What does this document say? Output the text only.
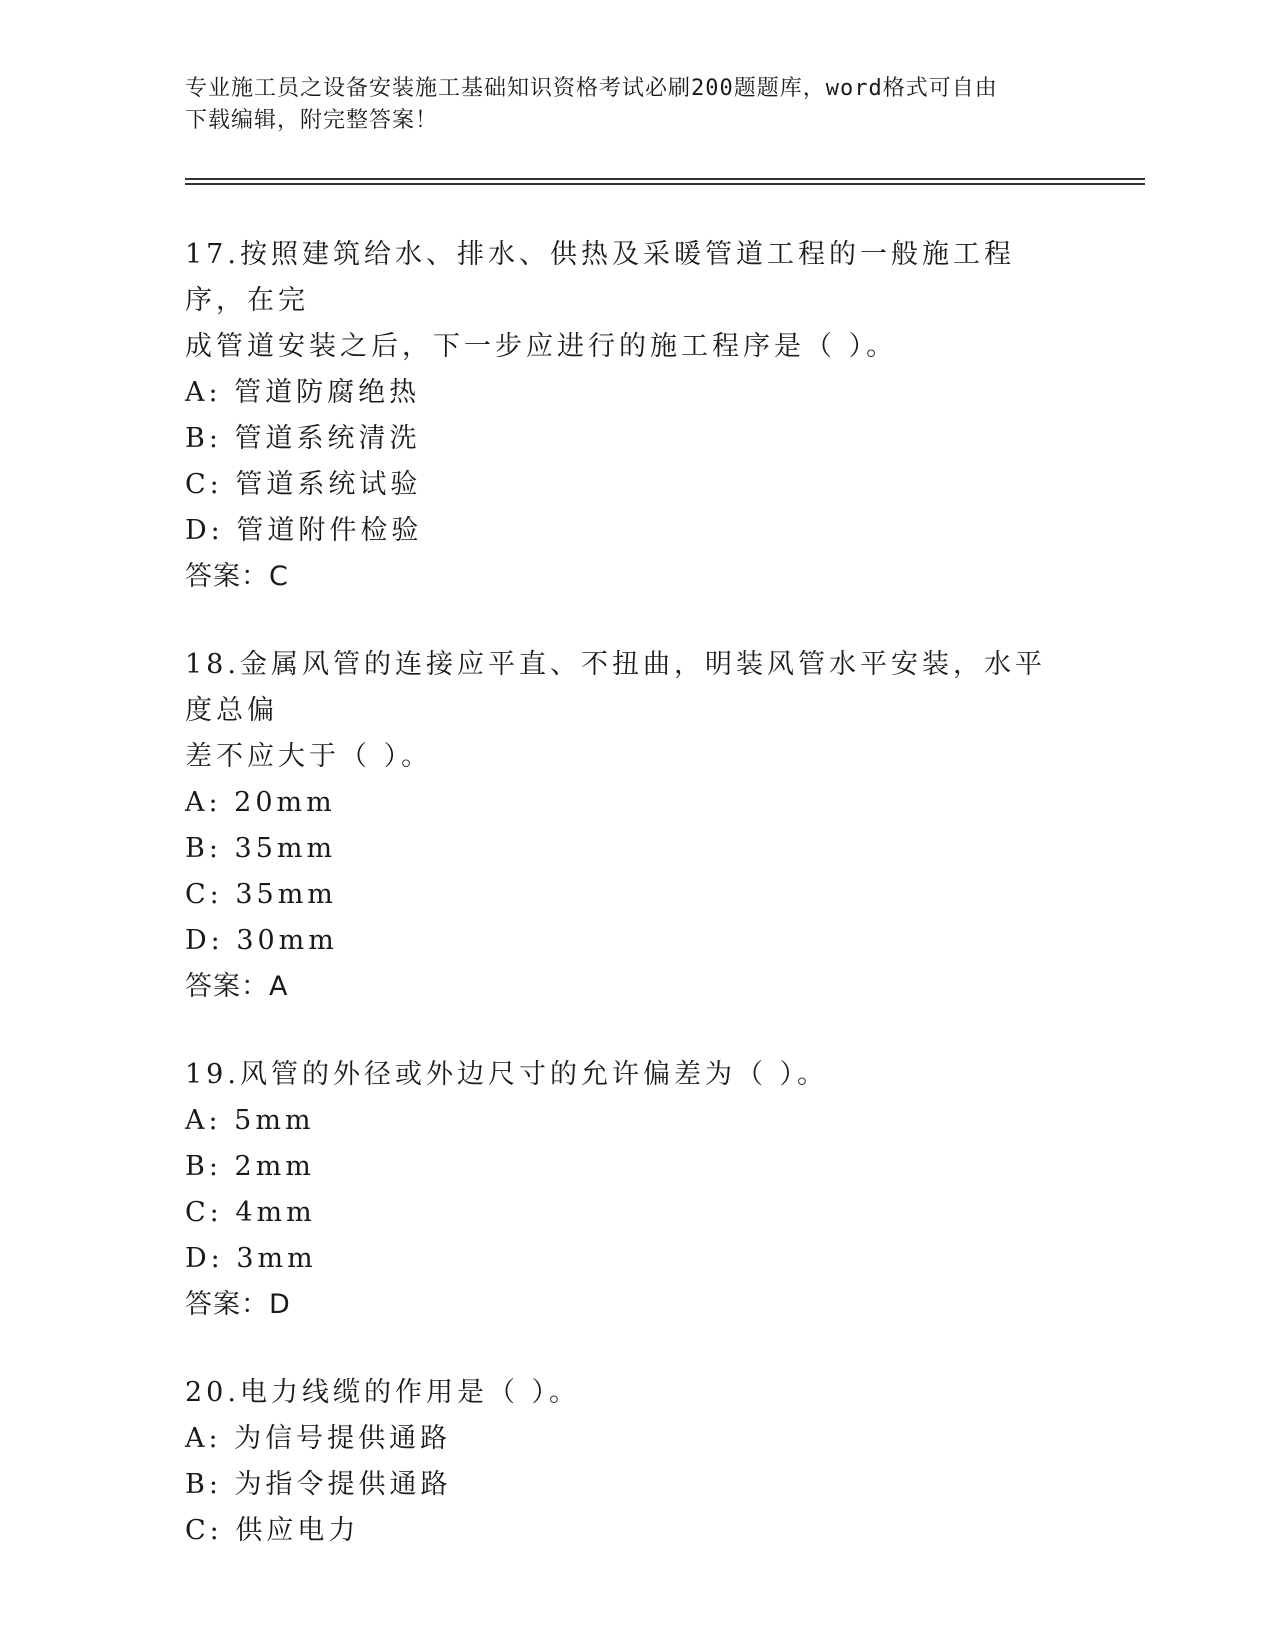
专业施工员之设备安装施工基础知识资格考试必刷200题题库，word格式可自由
下载编辑，附完整答案！

17.按照建筑给水、排水、供热及采暖管道工程的一般施工程序，在完

成管道安装之后，下一步应进行的施工程序是（ ）。

A: 管道防腐绝热

B: 管道系统清洗

C: 管道系统试验

D: 管道附件检验

答案：C

18.金属风管的连接应平直、不扭曲，明装风管水平安装，水平度总偏

差不应大于（ ）。

A: 20mm

B: 35mm

C: 35mm

D: 30mm

答案：A

19.风管的外径或外边尺寸的允许偏差为（ ）。

A: 5mm

B: 2mm

C: 4mm

D: 3mm

答案：D

20.电力线缆的作用是（ ）。

A: 为信号提供通路

B: 为指令提供通路

C: 供应电力
